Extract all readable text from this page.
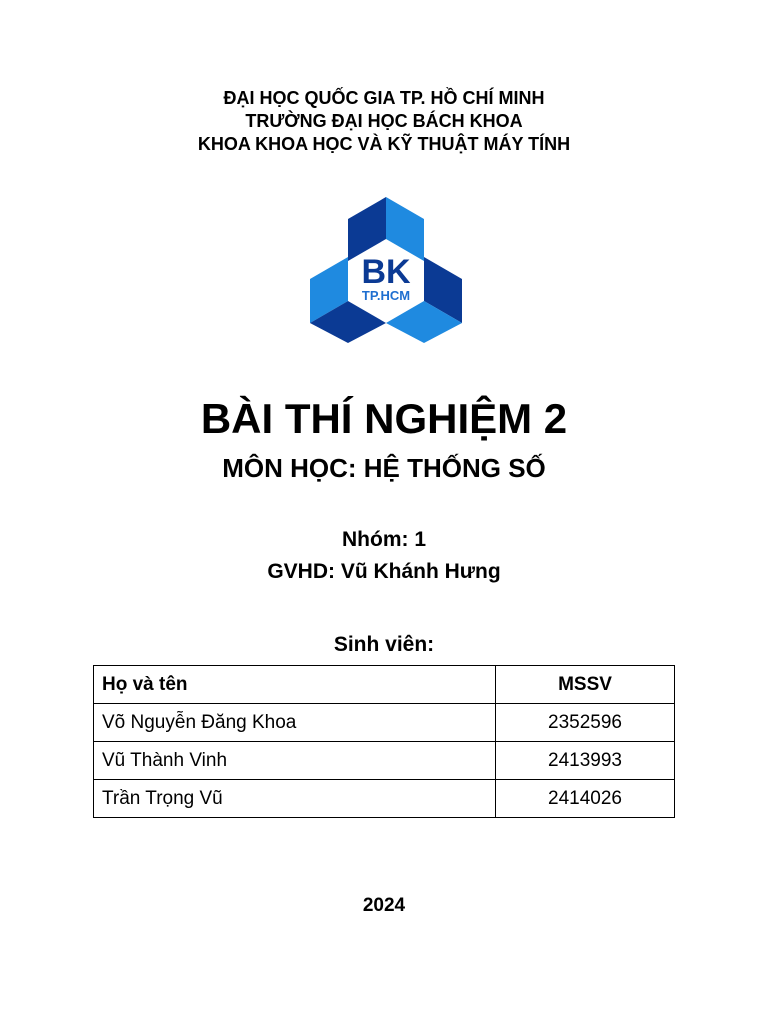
ĐẠI HỌC QUỐC GIA TP. HỒ CHÍ MINH
TRƯỜNG ĐẠI HỌC BÁCH KHOA
KHOA KHOA HỌC VÀ KỸ THUẬT MÁY TÍNH
BK
TP.HCM
BÀI THÍ NGHIỆM 2
MÔN HỌC: HỆ THỐNG SỐ
Nhóm: 1
GVHD: Vũ Khánh Hưng
Sinh viên:
Họ và tên	MSSV
Võ Nguyễn Đăng Khoa	2352596
Vũ Thành Vinh	2413993
Trần Trọng Vũ	2414026
2024
